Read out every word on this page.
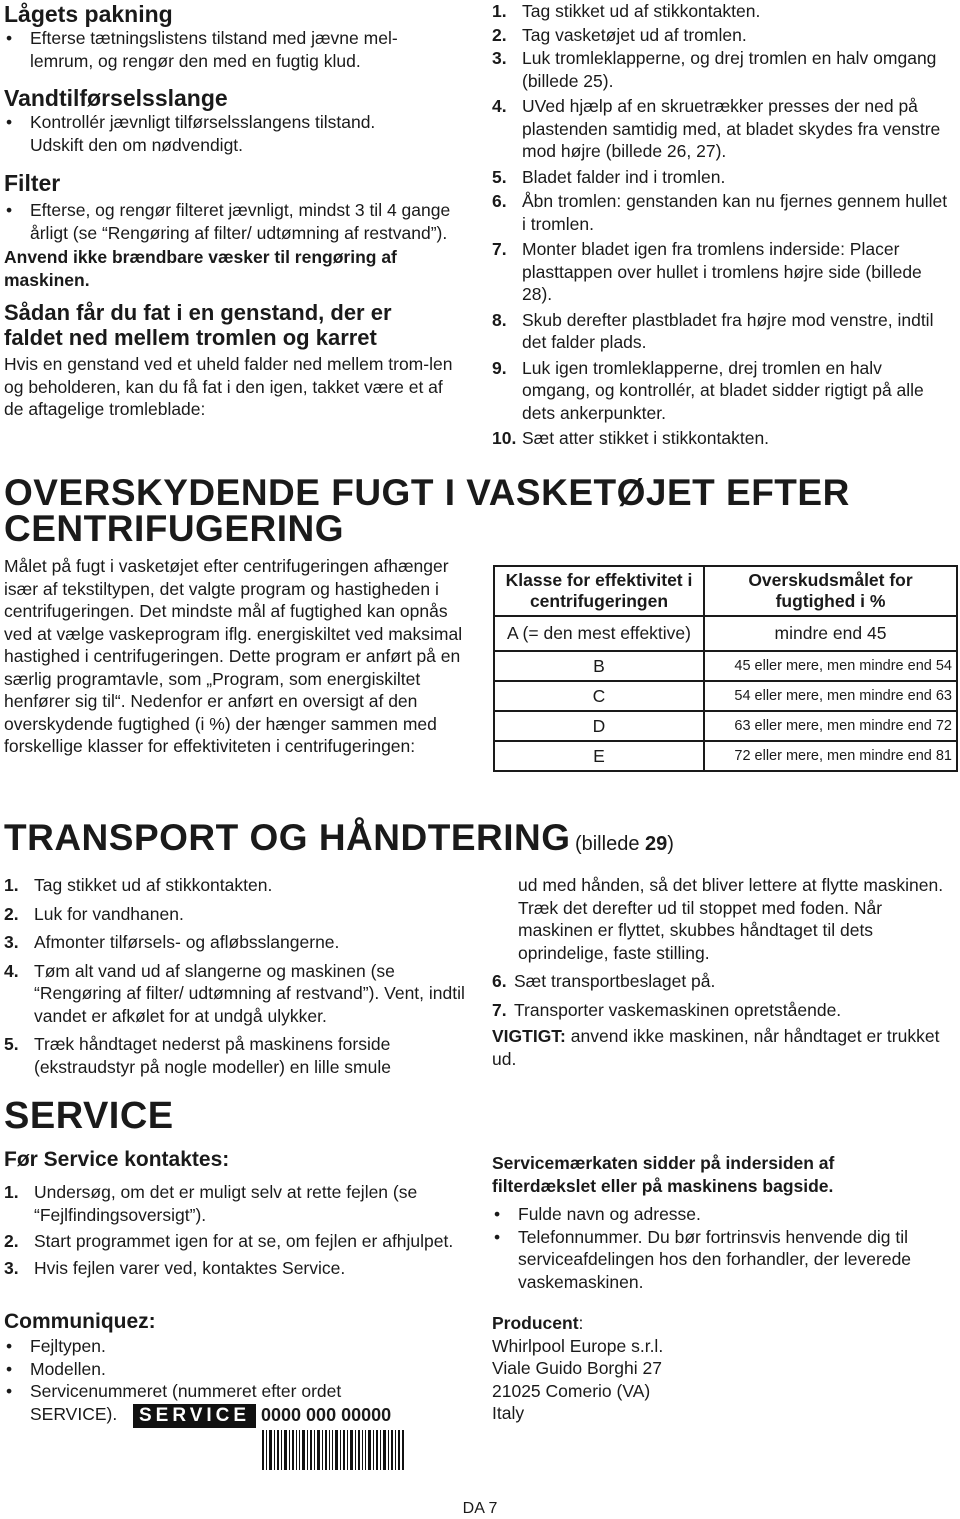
Lågets pakning
• Efterse tætningslistens tilstand med jævne mel-lemrum, og rengør den med en fugtig klud.
Vandtilførselsslange
• Kontrollér jævnligt tilførselsslangens tilstand. Udskift den om nødvendigt.
Filter
• Efterse, og rengør filteret jævnligt, mindst 3 til 4 gange årligt (se “Rengøring af filter/ udtømning af restvand”).
Anvend ikke brændbare væsker til rengøring af maskinen.
Sådan får du fat i en genstand, der er faldet ned mellem tromlen og karret
Hvis en genstand ved et uheld falder ned mellem trom-len og beholderen, kan du få fat i den igen, takket være et af de aftagelige tromleblade:
1. Tag stikket ud af stikkontakten.
2. Tag vasketøjet ud af tromlen.
3. Luk tromleklapperne, og drej tromlen en halv omgang (billede 25).
4. UVed hjælp af en skruetrækker presses der ned på plastenden samtidig med, at bladet skydes fra venstre mod højre (billede 26, 27).
5. Bladet falder ind i tromlen.
6. Åbn tromlen: genstanden kan nu fjernes gennem hullet i tromlen.
7. Monter bladet igen fra tromlens inderside: Placer plasttappen over hullet i tromlens højre side (billede 28).
8. Skub derefter plastbladet fra højre mod venstre, indtil det falder plads.
9. Luk igen tromleklapperne, drej tromlen en halv omgang, og kontrollér, at bladet sidder rigtigt på alle dets ankerpunkter.
10. Sæt atter stikket i stikkontakten.
OVERSKYDENDE FUGT I VASKETØJET EFTER CENTRIFUGERING
Målet på fugt i vasketøjet efter centrifugeringen afhænger især af tekstiltypen, det valgte program og hastigheden i centrifugeringen. Det mindste mål af fugtighed kan opnås ved at vælge vaskeprogram iflg. energiskiltet ved maksimal hastighed i centrifugeringen. Dette program er anført på en særlig programtavle, som „Program, som energiskiltet henfører sig til“. Nedenfor er anført en oversigt af den overskydende fugtighed (i %) der hænger sammen med forskellige klasser for effektiviteten i centrifugeringen:
Klasse for effektivitet i centrifugeringen	Overskudsmålet for fugtighed i %
A (= den mest effektive)	mindre end 45
B	45 eller mere, men mindre end 54
C	54 eller mere, men mindre end 63
D	63 eller mere, men mindre end 72
E	72 eller mere, men mindre end 81
TRANSPORT OG HÅNDTERING (billede 29)
1. Tag stikket ud af stikkontakten.
2. Luk for vandhanen.
3. Afmonter tilførsels- og afløbsslangerne.
4. Tøm alt vand ud af slangerne og maskinen (se “Rengøring af filter/ udtømning af restvand”). Vent, indtil vandet er afkølet for at undgå ulykker.
5. Træk håndtaget nederst på maskinens forside (ekstraudstyr på nogle modeller) en lille smule
ud med hånden, så det bliver lettere at flytte maskinen. Træk det derefter ud til stoppet med foden. Når maskinen er flyttet, skubbes håndtaget til dets oprindelige, faste stilling.
6. Sæt transportbeslaget på.
7. Transporter vaskemaskinen opretstående.
VIGTIGT: anvend ikke maskinen, når håndtaget er trukket ud.
SERVICE
Før Service kontaktes:
1. Undersøg, om det er muligt selv at rette fejlen (se “Fejlfindingsoversigt”).
2. Start programmet igen for at se, om fejlen er afhjulpet.
3. Hvis fejlen varer ved, kontaktes Service.
Communiquez:
• Fejltypen.
• Modellen.
• Servicenummeret (nummeret efter ordet SERVICE).	SERVICE 0000 000 00000
Servicemærkaten sidder på indersiden af filterdækslet eller på maskinens bagside.
• Fulde navn og adresse.
• Telefonnummer. Du bør fortrinsvis henvende dig til serviceafdelingen hos den forhandler, der leverede vaskemaskinen.
Producent:
Whirlpool Europe s.r.l.
Viale Guido Borghi 27
21025 Comerio (VA)
Italy
DA 7
